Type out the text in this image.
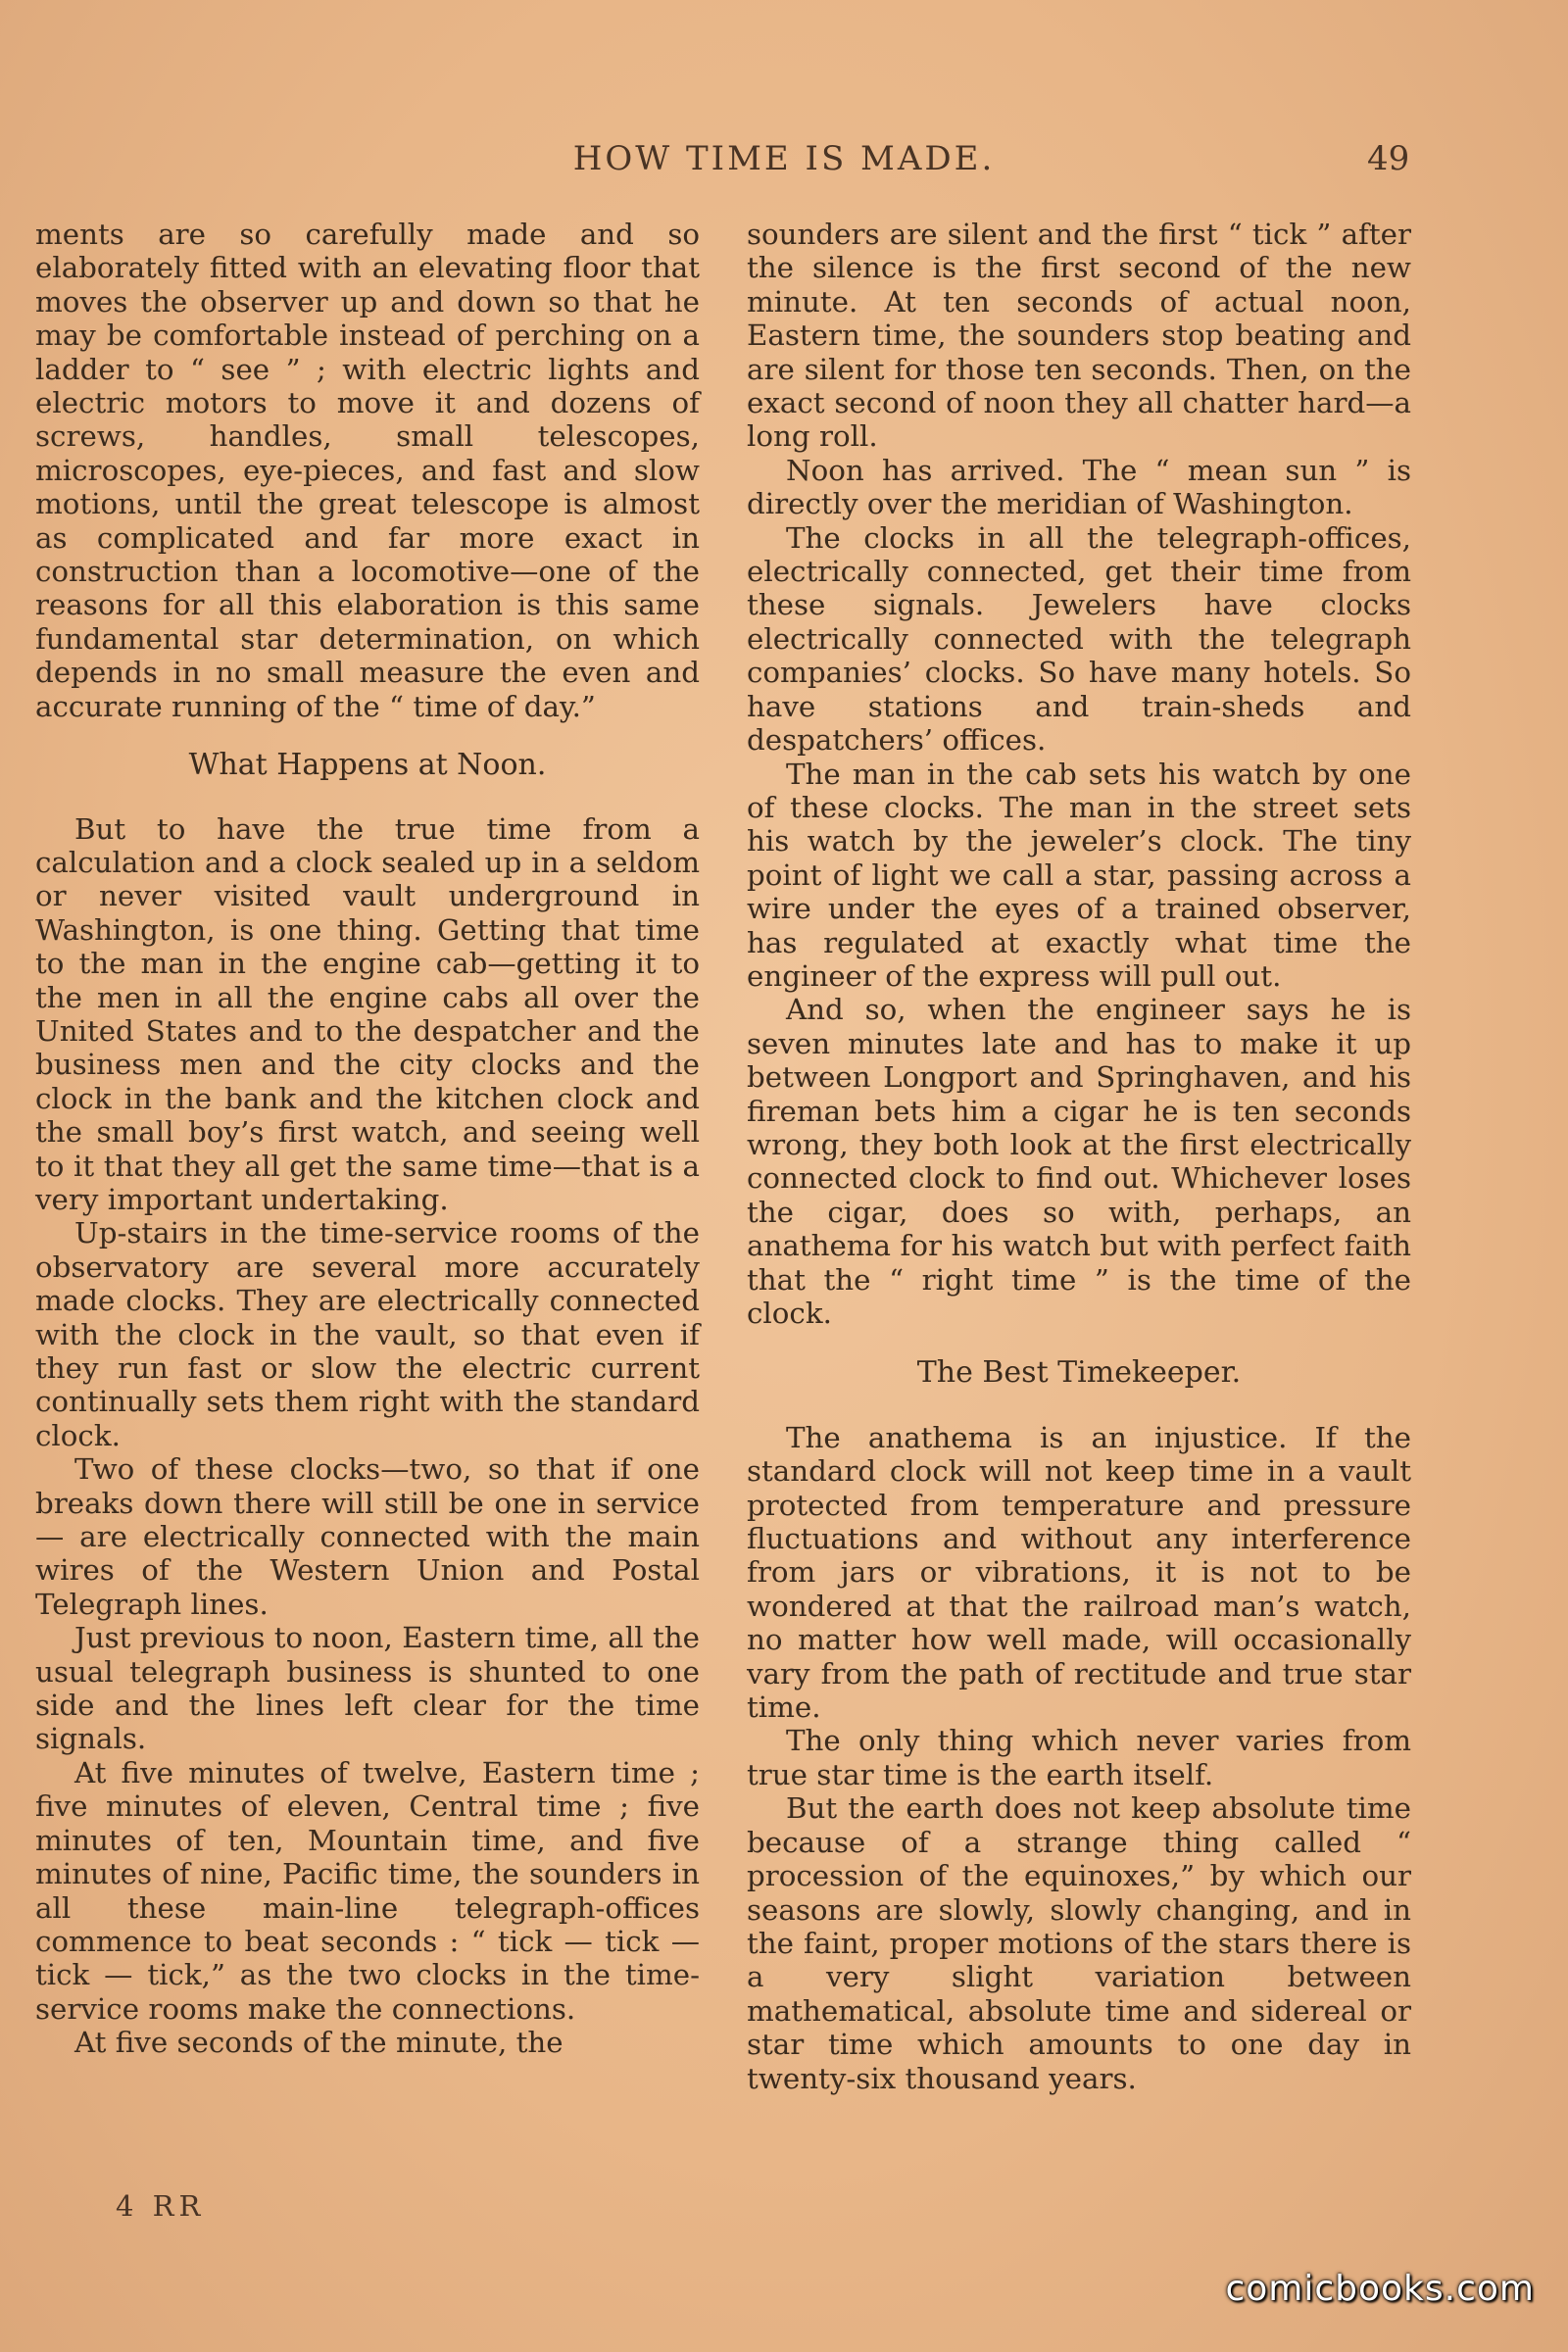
HOW TIME IS MADE.	49

ments are so carefully made and so elaborately fitted with an elevating floor that moves the observer up and down so that he may be comfortable instead of perching on a ladder to “ see ” ; with electric lights and electric motors to move it and dozens of screws, handles, small telescopes, microscopes, eye-pieces, and fast and slow motions, until the great telescope is almost as complicated and far more exact in construction than a locomotive—one of the reasons for all this elaboration is this same fundamental star determination, on which depends in no small measure the even and accurate running of the “ time of day.”

What Happens at Noon.

But to have the true time from a calculation and a clock sealed up in a seldom or never visited vault underground in Washington, is one thing. Getting that time to the man in the engine cab—getting it to the men in all the engine cabs all over the United States and to the despatcher and the business men and the city clocks and the clock in the bank and the kitchen clock and the small boy’s first watch, and seeing well to it that they all get the same time—that is a very important undertaking.

Up-stairs in the time-service rooms of the observatory are several more accurately made clocks. They are electrically connected with the clock in the vault, so that even if they run fast or slow the electric current continually sets them right with the standard clock.

Two of these clocks—two, so that if one breaks down there will still be one in service — are electrically connected with the main wires of the Western Union and Postal Telegraph lines.

Just previous to noon, Eastern time, all the usual telegraph business is shunted to one side and the lines left clear for the time signals.

At five minutes of twelve, Eastern time ; five minutes of eleven, Central time ; five minutes of ten, Mountain time, and five minutes of nine, Pacific time, the sounders in all these main-line telegraph-offices commence to beat seconds : “ tick — tick — tick — tick,” as the two clocks in the time-service rooms make the connections.

At five seconds of the minute, the

sounders are silent and the first “ tick ” after the silence is the first second of the new minute. At ten seconds of actual noon, Eastern time, the sounders stop beating and are silent for those ten seconds. Then, on the exact second of noon they all chatter hard—a long roll.

Noon has arrived. The “ mean sun ” is directly over the meridian of Washington.

The clocks in all the telegraph-offices, electrically connected, get their time from these signals. Jewelers have clocks electrically connected with the telegraph companies’ clocks. So have many hotels. So have stations and train-sheds and despatchers’ offices.

The man in the cab sets his watch by one of these clocks. The man in the street sets his watch by the jeweler’s clock. The tiny point of light we call a star, passing across a wire under the eyes of a trained observer, has regulated at exactly what time the engineer of the express will pull out.

And so, when the engineer says he is seven minutes late and has to make it up between Longport and Springhaven, and his fireman bets him a cigar he is ten seconds wrong, they both look at the first electrically connected clock to find out. Whichever loses the cigar, does so with, perhaps, an anathema for his watch but with perfect faith that the “ right time ” is the time of the clock.

The Best Timekeeper.

The anathema is an injustice. If the standard clock will not keep time in a vault protected from temperature and pressure fluctuations and without any interference from jars or vibrations, it is not to be wondered at that the railroad man’s watch, no matter how well made, will occasionally vary from the path of rectitude and true star time.

The only thing which never varies from true star time is the earth itself.

But the earth does not keep absolute time because of a strange thing called “ procession of the equinoxes,” by which our seasons are slowly, slowly changing, and in the faint, proper motions of the stars there is a very slight variation between mathematical, absolute time and sidereal or star time which amounts to one day in twenty-six thousand years.

4 RR
comicbooks.com
